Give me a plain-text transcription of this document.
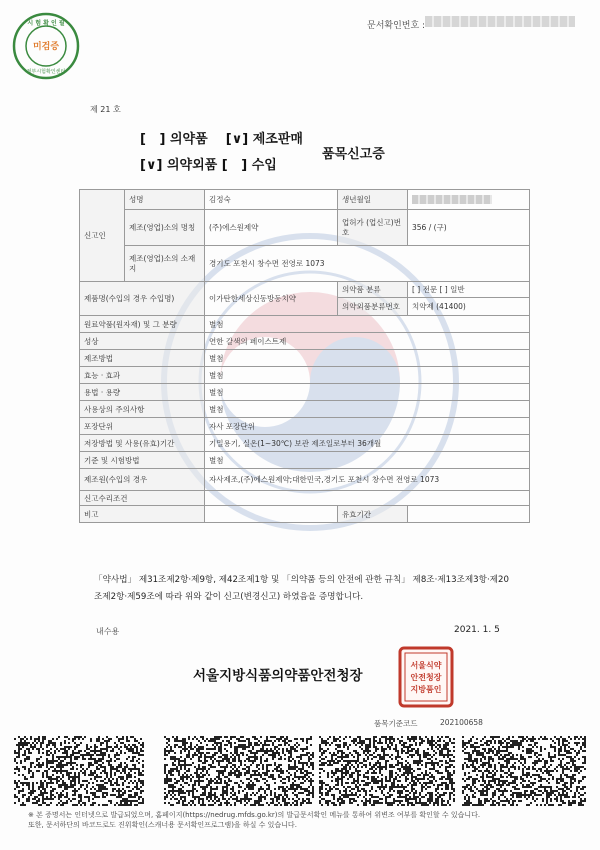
시 험 확 인 필
미검증
정부시험확인센터
문서확인번호 :
제 21 호
[   ] 의약품    [∨] 제조판매
[∨] 의약외품 [   ] 수입
품목신고증
신고인	성명	김정숙	생년월일	
	제조(영업)소의 명칭	(주)에스원제약	업허가 (업신고)번호	356 / (구)
	제조(영업)소의 소재지	경기도 포천시 창수면 전영로 1073		
제품명(수입의 경우 수입명)		이가탄한세상신동방동치약	의약품 분류	[ ] 전문 [ ] 일반
			의약외품분류번호	치약제 (41400)
원료약품(원자재) 및 그 분량		별첨		
성상		연한 갈색의 페이스트제		
제조방법		별첨		
효능 · 효과		별첨		
용법 · 용량		별첨		
사용상의 주의사항		별첨		
포장단위		자사 포장단위		
저장방법 및 사용(유효)기간		기밀용기, 실온(1~30℃) 보관 제조일로부터 36개월		
기준 및 시험방법		별첨		
제조원(수입의 경우		자사제조,(주)에스원제약;대한민국,경기도 포천시 창수면 전영로 1073		
신고수리조건				
비고			유효기간	

「약사법」 제31조제2항·제9항, 제42조제1항 및 「의약품 등의 안전에 관한 규칙」 제8조·제13조제3항·제20조제2항·제59조에 따라 위와 같이 신고(변경신고) 하였음을 증명합니다.

내수용	2021. 1. 5
서울지방식품의약품안전청장
서울식약
안전청장
지방품인
품목기준코드	202100658
※ 본 증명서는 인터넷으로 발급되었으며, 홈페이지(https://nedrug.mfds.go.kr)의 발급문서확인 메뉴를 통하여 위변조 여부를 확인할 수 있습니다.
또한, 문서하단의 바코드로도 진위확인(스캐너용 문서확인프로그램)을 하실 수 있습니다.
